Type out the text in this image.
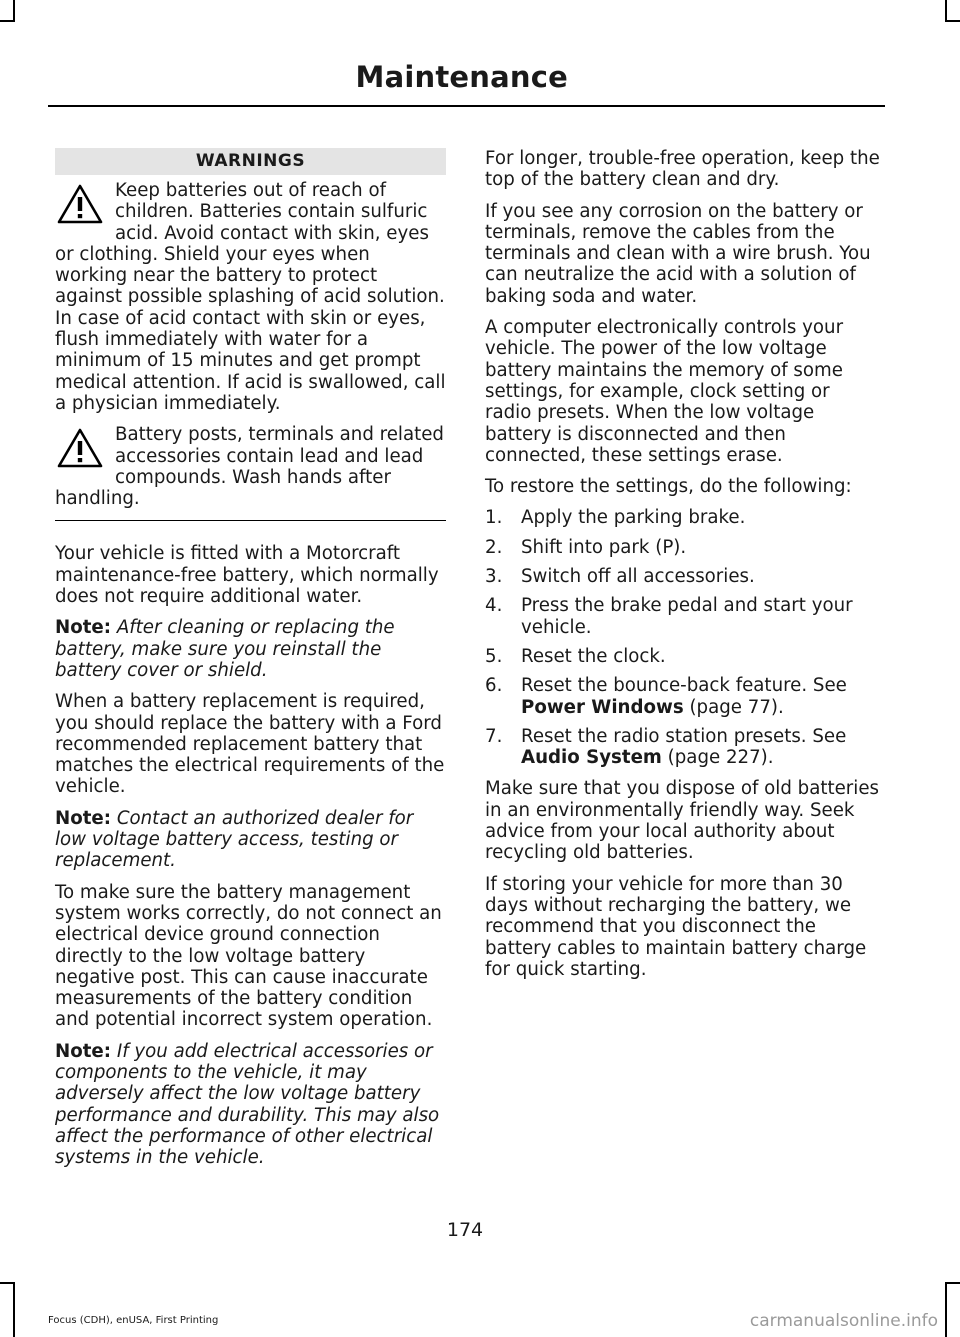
Maintenance
WARNINGS
Keep batteries out of reach of children. Batteries contain sulfuric acid. Avoid contact with skin, eyes or clothing. Shield your eyes when working near the battery to protect against possible splashing of acid solution. In case of acid contact with skin or eyes, flush immediately with water for a minimum of 15 minutes and get prompt medical attention. If acid is swallowed, call a physician immediately.
Battery posts, terminals and related accessories contain lead and lead compounds. Wash hands after handling.

Your vehicle is fitted with a Motorcraft maintenance-free battery, which normally does not require additional water.

Note: After cleaning or replacing the battery, make sure you reinstall the battery cover or shield.

When a battery replacement is required, you should replace the battery with a Ford recommended replacement battery that matches the electrical requirements of the vehicle.

Note: Contact an authorized dealer for low voltage battery access, testing or replacement.

To make sure the battery management system works correctly, do not connect an electrical device ground connection directly to the low voltage battery negative post. This can cause inaccurate measurements of the battery condition and potential incorrect system operation.

Note: If you add electrical accessories or components to the vehicle, it may adversely affect the low voltage battery performance and durability. This may also affect the performance of other electrical systems in the vehicle.

For longer, trouble-free operation, keep the top of the battery clean and dry.

If you see any corrosion on the battery or terminals, remove the cables from the terminals and clean with a wire brush. You can neutralize the acid with a solution of baking soda and water.

A computer electronically controls your vehicle. The power of the low voltage battery maintains the memory of some settings, for example, clock setting or radio presets. When the low voltage battery is disconnected and then connected, these settings erase.

To restore the settings, do the following:

1. Apply the parking brake.
2. Shift into park (P).
3. Switch off all accessories.
4. Press the brake pedal and start your vehicle.
5. Reset the clock.
6. Reset the bounce-back feature. See
Power Windows (page 77).
7. Reset the radio station presets. See
Audio System (page 227).

Make sure that you dispose of old batteries in an environmentally friendly way. Seek advice from your local authority about recycling old batteries.

If storing your vehicle for more than 30 days without recharging the battery, we recommend that you disconnect the battery cables to maintain battery charge for quick starting.

174
Focus (CDH), enUSA, First Printing	carmanualsonline.info
